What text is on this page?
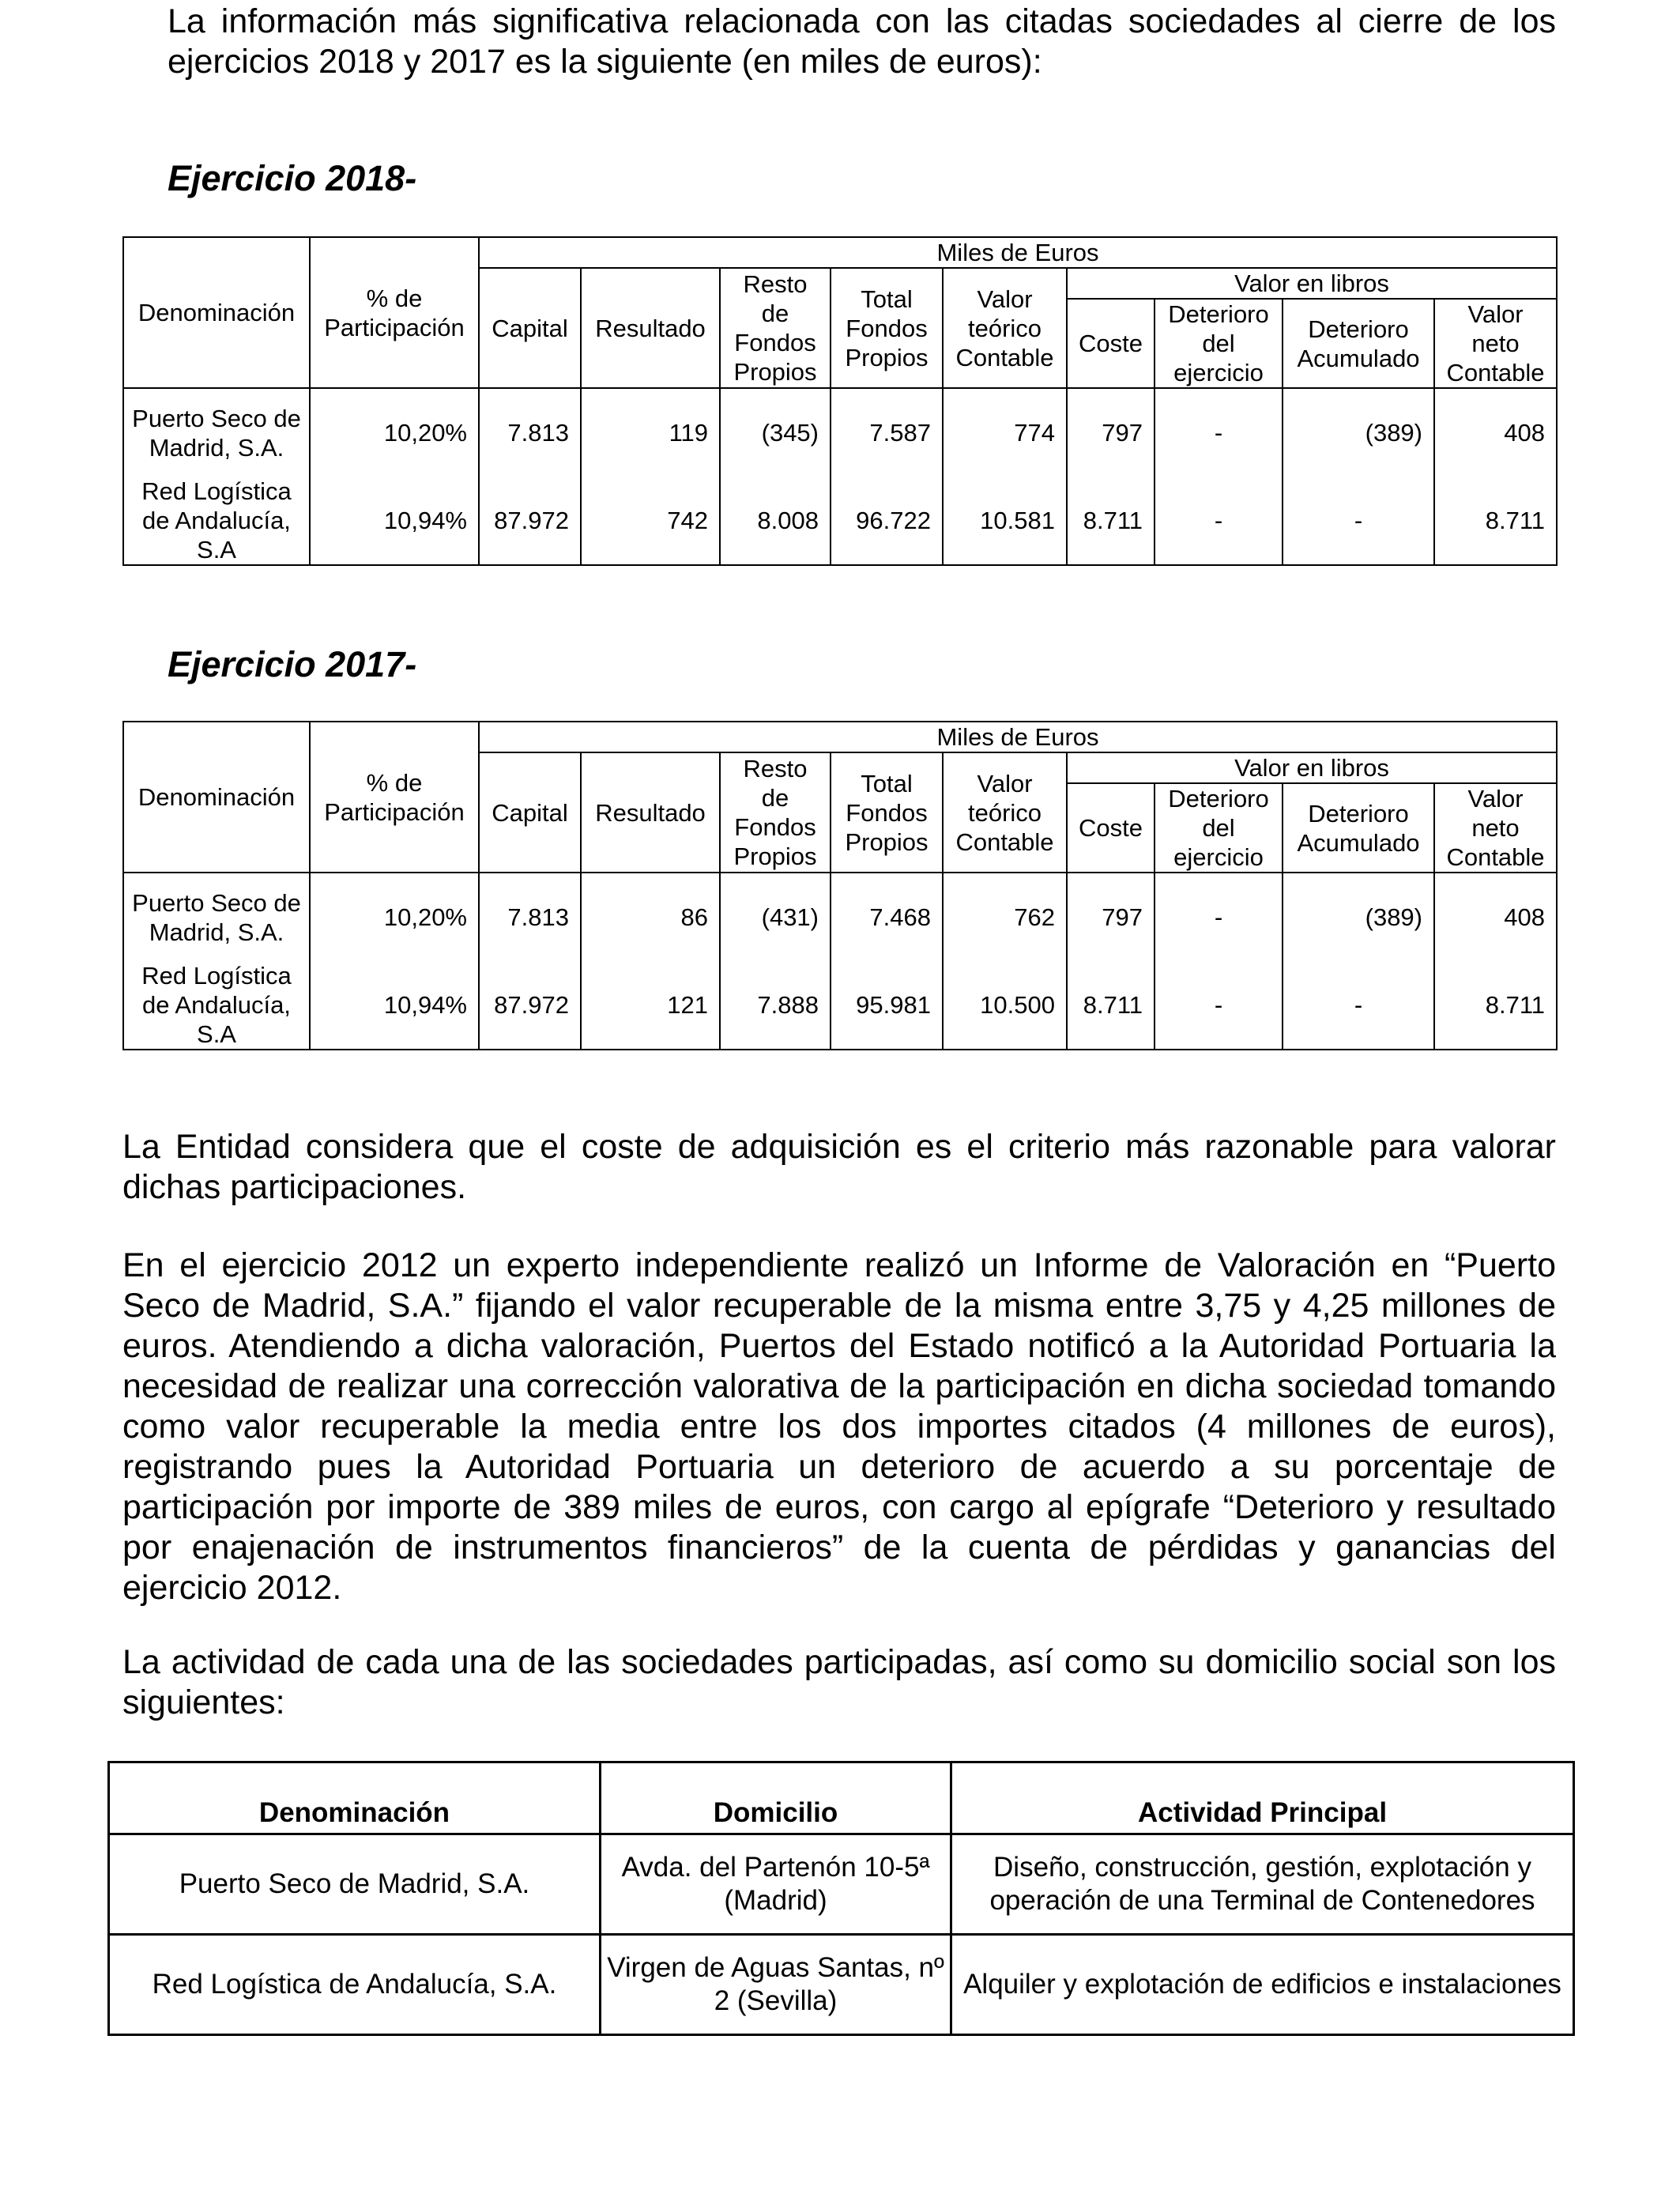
La información más significativa relacionada con las citadas sociedades al cierre de los ejercicios 2018 y 2017 es la siguiente (en miles de euros):

Ejercicio 2018-

Denominación	% de Participación	Miles de Euros								
		Capital	Resultado	Resto de Fondos Propios	Total Fondos Propios	Valor teórico Contable	Valor en libros			
							Coste	Deterioro del ejercicio	Deterioro Acumulado	Valor neto Contable
Puerto Seco de Madrid, S.A.	10,20%	7.813	119	(345)	7.587	774	797	-	(389)	408
Red Logística de Andalucía, S.A	10,94%	87.972	742	8.008	96.722	10.581	8.711	-	-	8.711

Ejercicio 2017-

Denominación	% de Participación	Miles de Euros								
		Capital	Resultado	Resto de Fondos Propios	Total Fondos Propios	Valor teórico Contable	Valor en libros			
							Coste	Deterioro del ejercicio	Deterioro Acumulado	Valor neto Contable
Puerto Seco de Madrid, S.A.	10,20%	7.813	86	(431)	7.468	762	797	-	(389)	408
Red Logística de Andalucía, S.A	10,94%	87.972	121	7.888	95.981	10.500	8.711	-	-	8.711

La Entidad considera que el coste de adquisición es el criterio más razonable para valorar dichas participaciones.

En el ejercicio 2012 un experto independiente realizó un Informe de Valoración en “Puerto Seco de Madrid, S.A.” fijando el valor recuperable de la misma entre 3,75 y 4,25 millones de euros. Atendiendo a dicha valoración, Puertos del Estado notificó a la Autoridad Portuaria la necesidad de realizar una corrección valorativa de la participación en dicha sociedad tomando como valor recuperable la media entre los dos importes citados (4 millones de euros), registrando pues la Autoridad Portuaria un deterioro de acuerdo a su porcentaje de participación por importe de 389 miles de euros, con cargo al epígrafe “Deterioro y resultado por enajenación de instrumentos financieros” de la cuenta de pérdidas y ganancias del ejercicio 2012.

La actividad de cada una de las sociedades participadas, así como su domicilio social son los siguientes:

Denominación	Domicilio	Actividad Principal
Puerto Seco de Madrid, S.A.	Avda. del Partenón 10-5ª (Madrid)	Diseño, construcción, gestión, explotación y operación de una Terminal de Contenedores
Red Logística de Andalucía, S.A.	Virgen de Aguas Santas, nº 2 (Sevilla)	Alquiler y explotación de edificios e instalaciones
